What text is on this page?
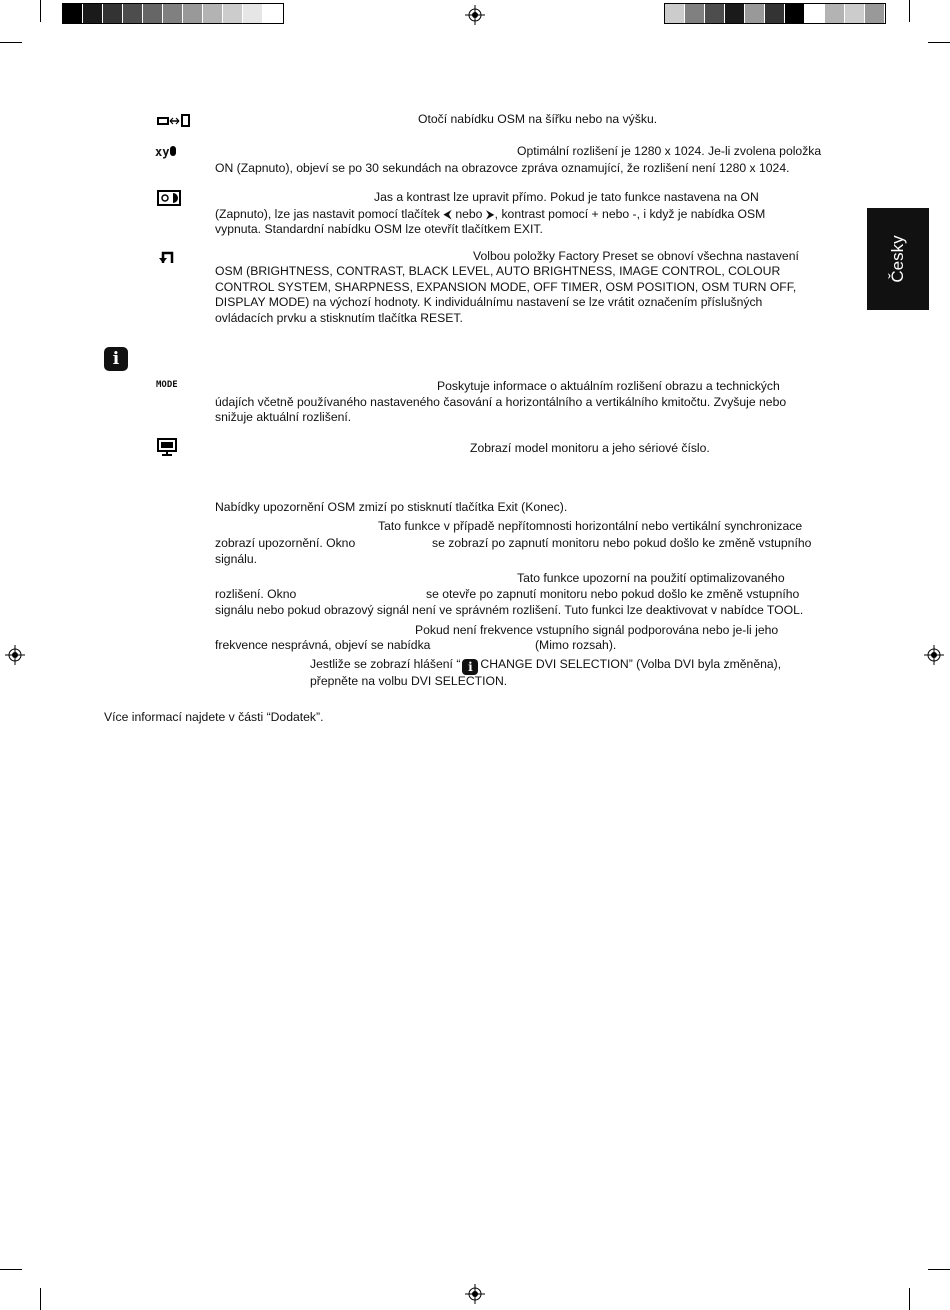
Česky
xy
i
MODE
Otočí nabídku OSM na šířku nebo na výšku.
Optimální rozlišení je 1280 x 1024. Je-li zvolena položka
ON (Zapnuto), objeví se po 30 sekundách na obrazovce zpráva oznamující, že rozlišení není 1280 x 1024.
Jas a kontrast lze upravit přímo. Pokud je tato funkce nastavena na ON
(Zapnuto), lze jas nastavit pomocí tlačítek ⮜ nebo ⮞, kontrast pomocí + nebo -, i když je nabídka OSM
vypnuta. Standardní nabídku OSM lze otevřít tlačítkem EXIT.
Volbou položky Factory Preset se obnoví všechna nastavení
OSM (BRIGHTNESS, CONTRAST, BLACK LEVEL, AUTO BRIGHTNESS, IMAGE CONTROL, COLOUR
CONTROL SYSTEM, SHARPNESS, EXPANSION MODE, OFF TIMER, OSM POSITION, OSM TURN OFF,
DISPLAY MODE) na výchozí hodnoty. K individuálnímu nastavení se lze vrátit označením příslušných
ovládacích prvku a stisknutím tlačítka RESET.
Poskytuje informace o aktuálním rozlišení obrazu a technických
údajích včetně používaného nastaveného časování a horizontálního a vertikálního kmitočtu. Zvyšuje nebo
snižuje aktuální rozlišení.
Zobrazí model monitoru a jeho sériové číslo.
Nabídky upozornění OSM zmizí po stisknutí tlačítka Exit (Konec).
Tato funkce v případě nepřítomnosti horizontální nebo vertikální synchronizace
zobrazí upozornění. Okno	se zobrazí po zapnutí monitoru nebo pokud došlo ke změně vstupního
signálu.
Tato funkce upozorní na použití optimalizovaného
rozlišení. Okno	se otevře po zapnutí monitoru nebo pokud došlo ke změně vstupního
signálu nebo pokud obrazový signál není ve správném rozlišení. Tuto funkci lze deaktivovat v nabídce TOOL.
Pokud není frekvence vstupního signál podporována nebo je-li jeho
frekvence nesprávná, objeví se nabídka	(Mimo rozsah).
Jestliže se zobrazí hlášení “ i CHANGE DVI SELECTION” (Volba DVI byla změněna),
přepněte na volbu DVI SELECTION.
Více informací najdete v části “Dodatek”.
